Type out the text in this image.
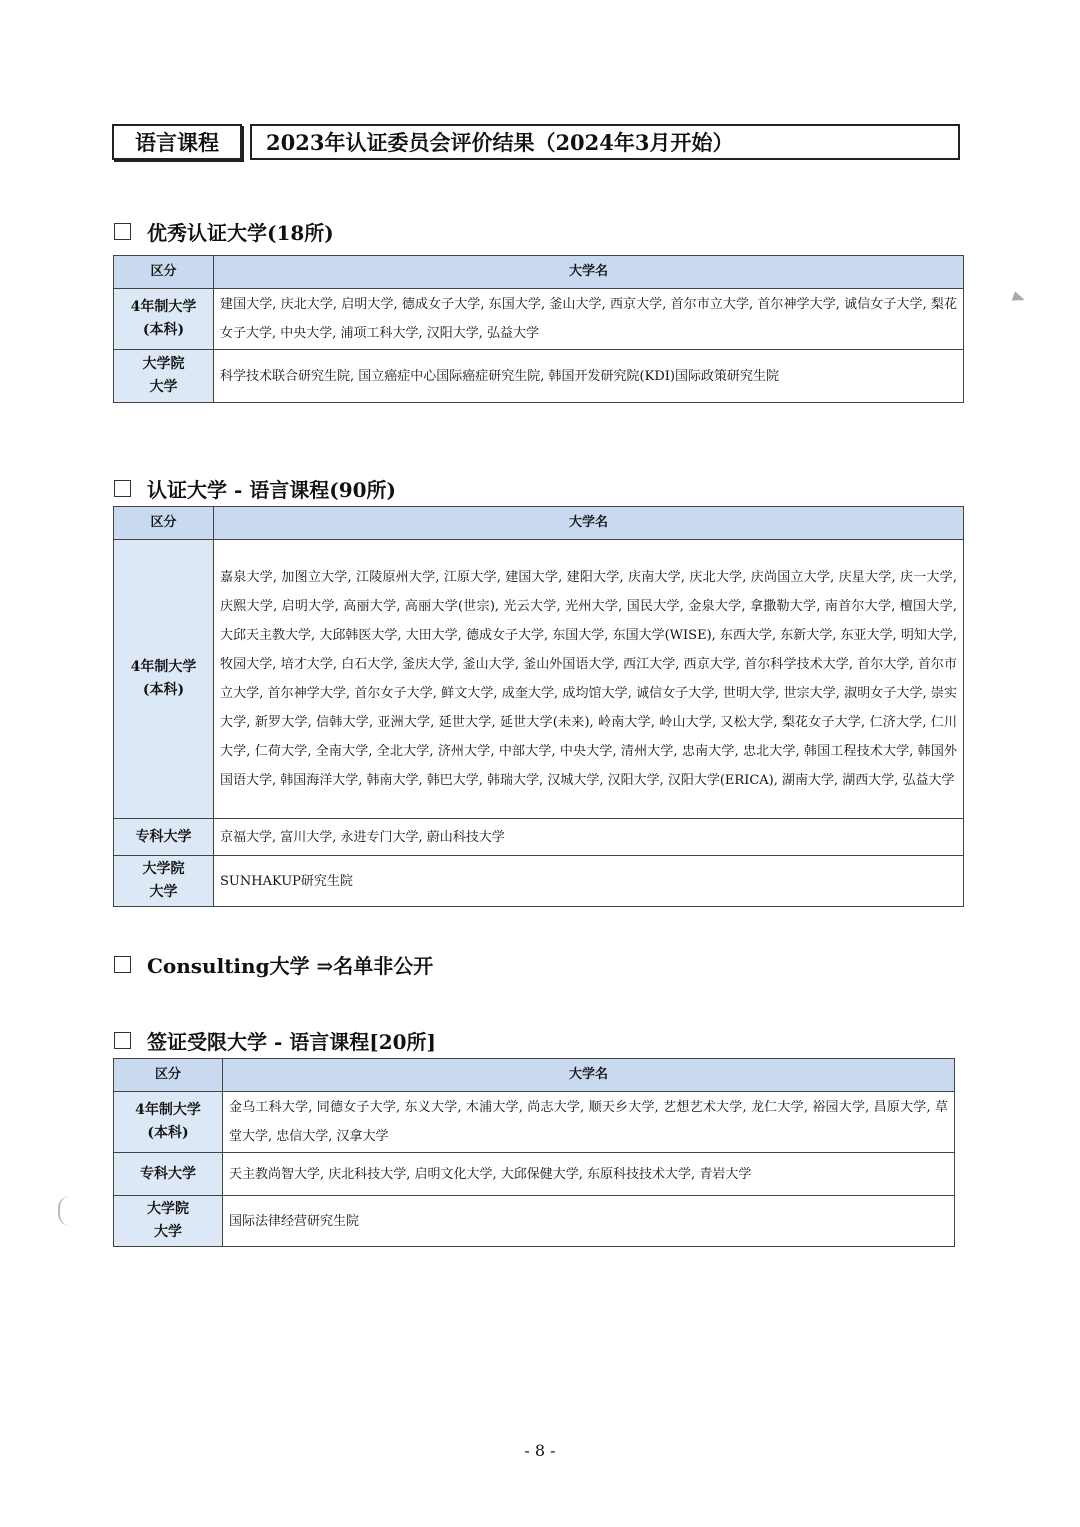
语言课程	2023年认证委员会评价结果（2024年3月开始）
优秀认证大学(18所)
区分	大学名

4年制大学
(本科)	建国大学, 庆北大学, 启明大学, 德成女子大学, 东国大学, 釜山大学, 西京大学, 首尔市立大学, 首尔神学大学, 诚信女子大学, 梨花女子大学, 中央大学, 浦项工科大学, 汉阳大学, 弘益大学

大学院
大学	科学技术联合研究生院, 国立癌症中心国际癌症研究生院, 韩国开发研究院(KDI)国际政策研究生院
认证大学 - 语言课程(90所)
区分	大学名

4年制大学
(本科)	嘉泉大学, 加图立大学, 江陵原州大学, 江原大学, 建国大学, 建阳大学, 庆南大学, 庆北大学, 庆尚国立大学, 庆星大学, 庆一大学, 庆熙大学, 启明大学, 高丽大学, 高丽大学(世宗), 光云大学, 光州大学, 国民大学, 金泉大学, 拿撒勒大学, 南首尔大学, 檀国大学, 大邱天主教大学, 大邱韩医大学, 大田大学, 德成女子大学, 东国大学, 东国大学(WISE), 东西大学, 东新大学, 东亚大学, 明知大学, 牧园大学, 培才大学, 白石大学, 釜庆大学, 釜山大学, 釜山外国语大学, 西江大学, 西京大学, 首尔科学技术大学, 首尔大学, 首尔市立大学, 首尔神学大学, 首尔女子大学, 鲜文大学, 成奎大学, 成均馆大学, 诚信女子大学, 世明大学, 世宗大学, 淑明女子大学, 崇实大学, 新罗大学, 信韩大学, 亚洲大学, 延世大学, 延世大学(未来), 岭南大学, 岭山大学, 又松大学, 梨花女子大学, 仁济大学, 仁川大学, 仁荷大学, 全南大学, 全北大学, 济州大学, 中部大学, 中央大学, 清州大学, 忠南大学, 忠北大学, 韩国工程技术大学, 韩国外国语大学, 韩国海洋大学, 韩南大学, 韩巴大学, 韩瑞大学, 汉城大学, 汉阳大学, 汉阳大学(ERICA), 湖南大学, 湖西大学, 弘益大学

专科大学	京福大学, 富川大学, 永进专门大学, 蔚山科技大学

大学院
大学	SUNHAKUP研究生院
Consulting大学 ⇒名单非公开
签证受限大学 - 语言课程[20所]
区分	大学名

4年制大学
(本科)	金乌工科大学, 同德女子大学, 东义大学, 木浦大学, 尚志大学, 顺天乡大学, 艺想艺术大学, 龙仁大学, 裕园大学, 昌原大学, 草堂大学, 忠信大学, 汉拿大学

专科大学	天主教尚智大学, 庆北科技大学, 启明文化大学, 大邱保健大学, 东原科技技术大学, 青岩大学

大学院
大学	国际法律经营研究生院
- 8 -
